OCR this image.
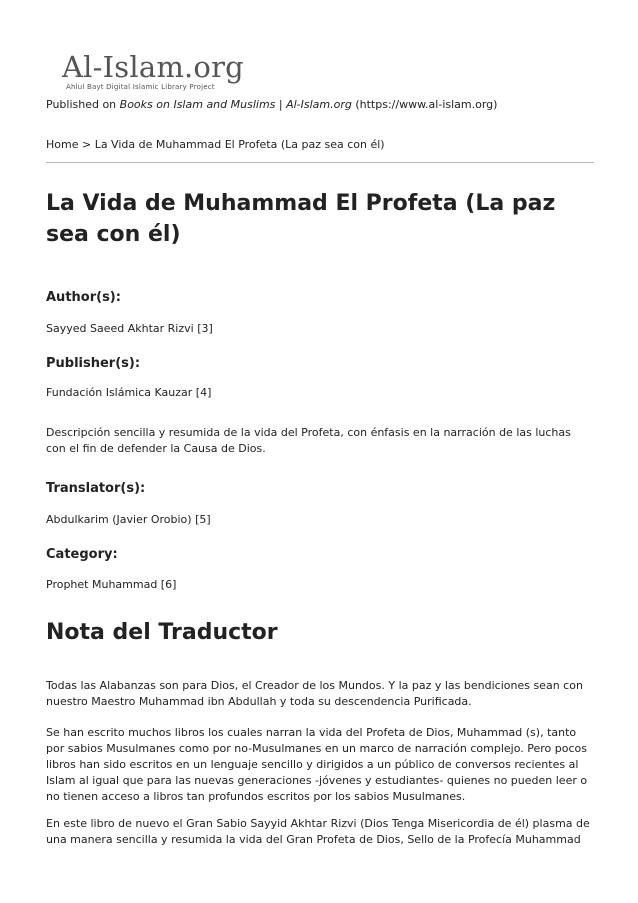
Al-Islam.org
Ahlul Bayt Digital Islamic Library Project
Published on Books on Islam and Muslims | Al-Islam.org (https://www.al-islam.org)
Home > La Vida de Muhammad El Profeta (La paz sea con él)
La Vida de Muhammad El Profeta (La paz sea con él)
Author(s):
Sayyed Saeed Akhtar Rizvi [3]
Publisher(s):
Fundación Islámica Kauzar [4]

Descripción sencilla y resumida de la vida del Profeta, con énfasis en la narración de las luchas con el fin de defender la Causa de Dios.

Translator(s):
Abdulkarim (Javier Orobio) [5]
Category:
Prophet Muhammad [6]
Nota del Traductor

Todas las Alabanzas son para Dios, el Creador de los Mundos. Y la paz y las bendiciones sean con nuestro Maestro Muhammad ibn Abdullah y toda su descendencia Purificada.

Se han escrito muchos libros los cuales narran la vida del Profeta de Dios, Muhammad (s), tanto por sabios Musulmanes como por no-Musulmanes en un marco de narración complejo. Pero pocos libros han sido escritos en un lenguaje sencillo y dirigidos a un público de conversos recientes al Islam al igual que para las nuevas generaciones -jóvenes y estudiantes- quienes no pueden leer o no tienen acceso a libros tan profundos escritos por los sabios Musulmanes.

En este libro de nuevo el Gran Sabio Sayyid Akhtar Rizvi (Dios Tenga Misericordia de él) plasma de una manera sencilla y resumida la vida del Gran Profeta de Dios, Sello de la Profecía Muhammad
